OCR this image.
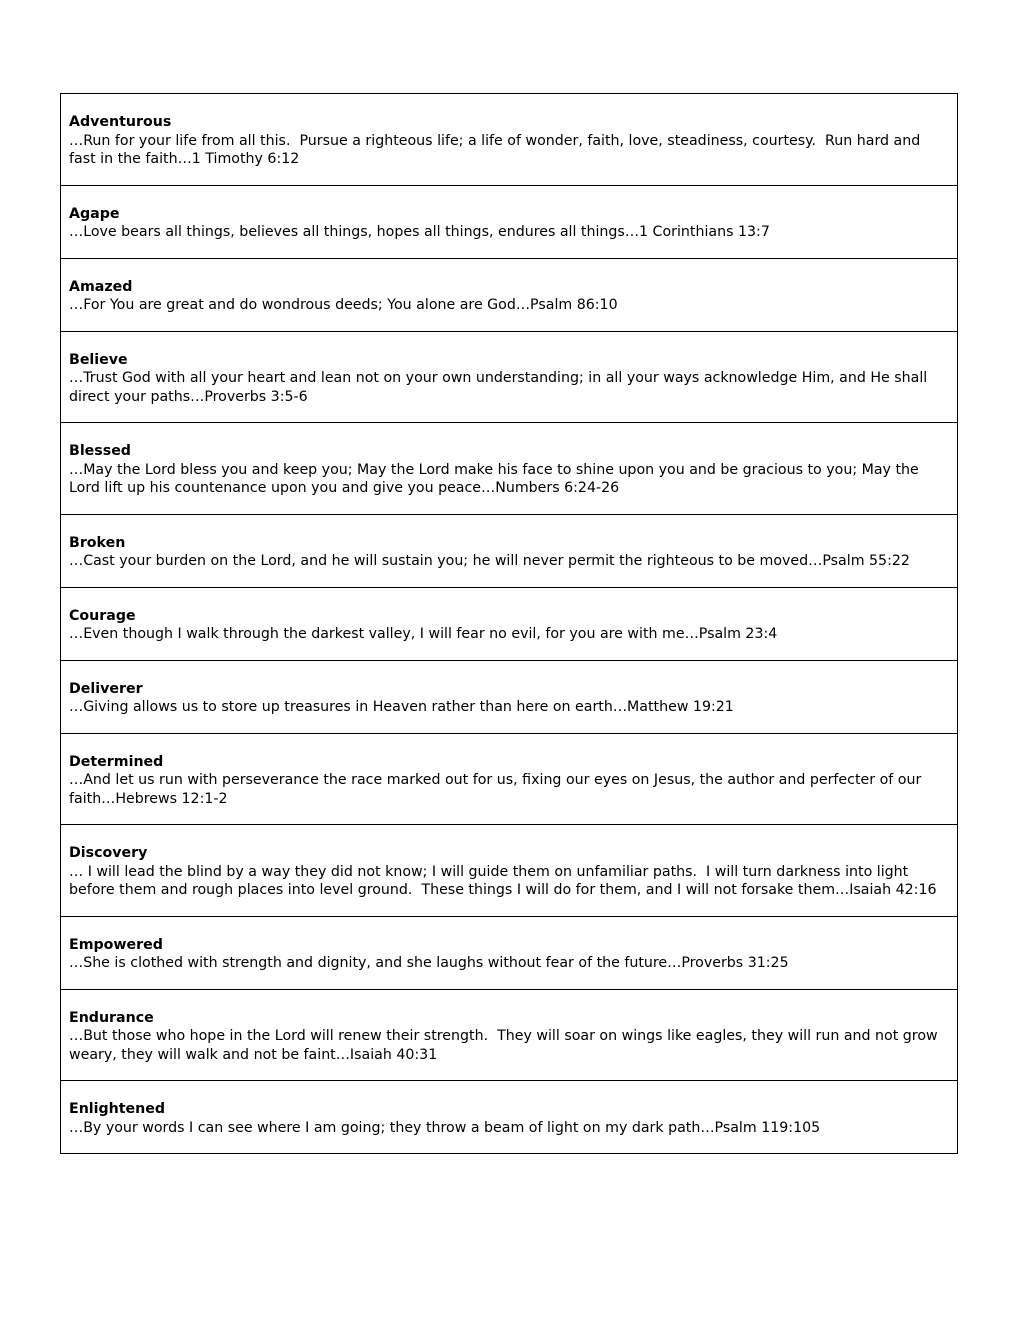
Adventurous
…Run for your life from all this.  Pursue a righteous life; a life of wonder, faith, love, steadiness, courtesy.  Run hard and fast in the faith…1 Timothy 6:12
Agape
…Love bears all things, believes all things, hopes all things, endures all things…1 Corinthians 13:7
Amazed
…For You are great and do wondrous deeds; You alone are God…Psalm 86:10
Believe
…Trust God with all your heart and lean not on your own understanding; in all your ways acknowledge Him, and He shall direct your paths…Proverbs 3:5-6
Blessed
…May the Lord bless you and keep you; May the Lord make his face to shine upon you and be gracious to you; May the Lord lift up his countenance upon you and give you peace…Numbers 6:24-26
Broken
…Cast your burden on the Lord, and he will sustain you; he will never permit the righteous to be moved…Psalm 55:22
Courage
…Even though I walk through the darkest valley, I will fear no evil, for you are with me…Psalm 23:4
Deliverer
…Giving allows us to store up treasures in Heaven rather than here on earth…Matthew 19:21
Determined
…And let us run with perseverance the race marked out for us, fixing our eyes on Jesus, the author and perfecter of our faith…Hebrews 12:1-2
Discovery
… I will lead the blind by a way they did not know; I will guide them on unfamiliar paths.  I will turn darkness into light before them and rough places into level ground.  These things I will do for them, and I will not forsake them…Isaiah 42:16
Empowered
…She is clothed with strength and dignity, and she laughs without fear of the future…Proverbs 31:25
Endurance
…But those who hope in the Lord will renew their strength.  They will soar on wings like eagles, they will run and not grow weary, they will walk and not be faint…Isaiah 40:31
Enlightened
…By your words I can see where I am going; they throw a beam of light on my dark path…Psalm 119:105
